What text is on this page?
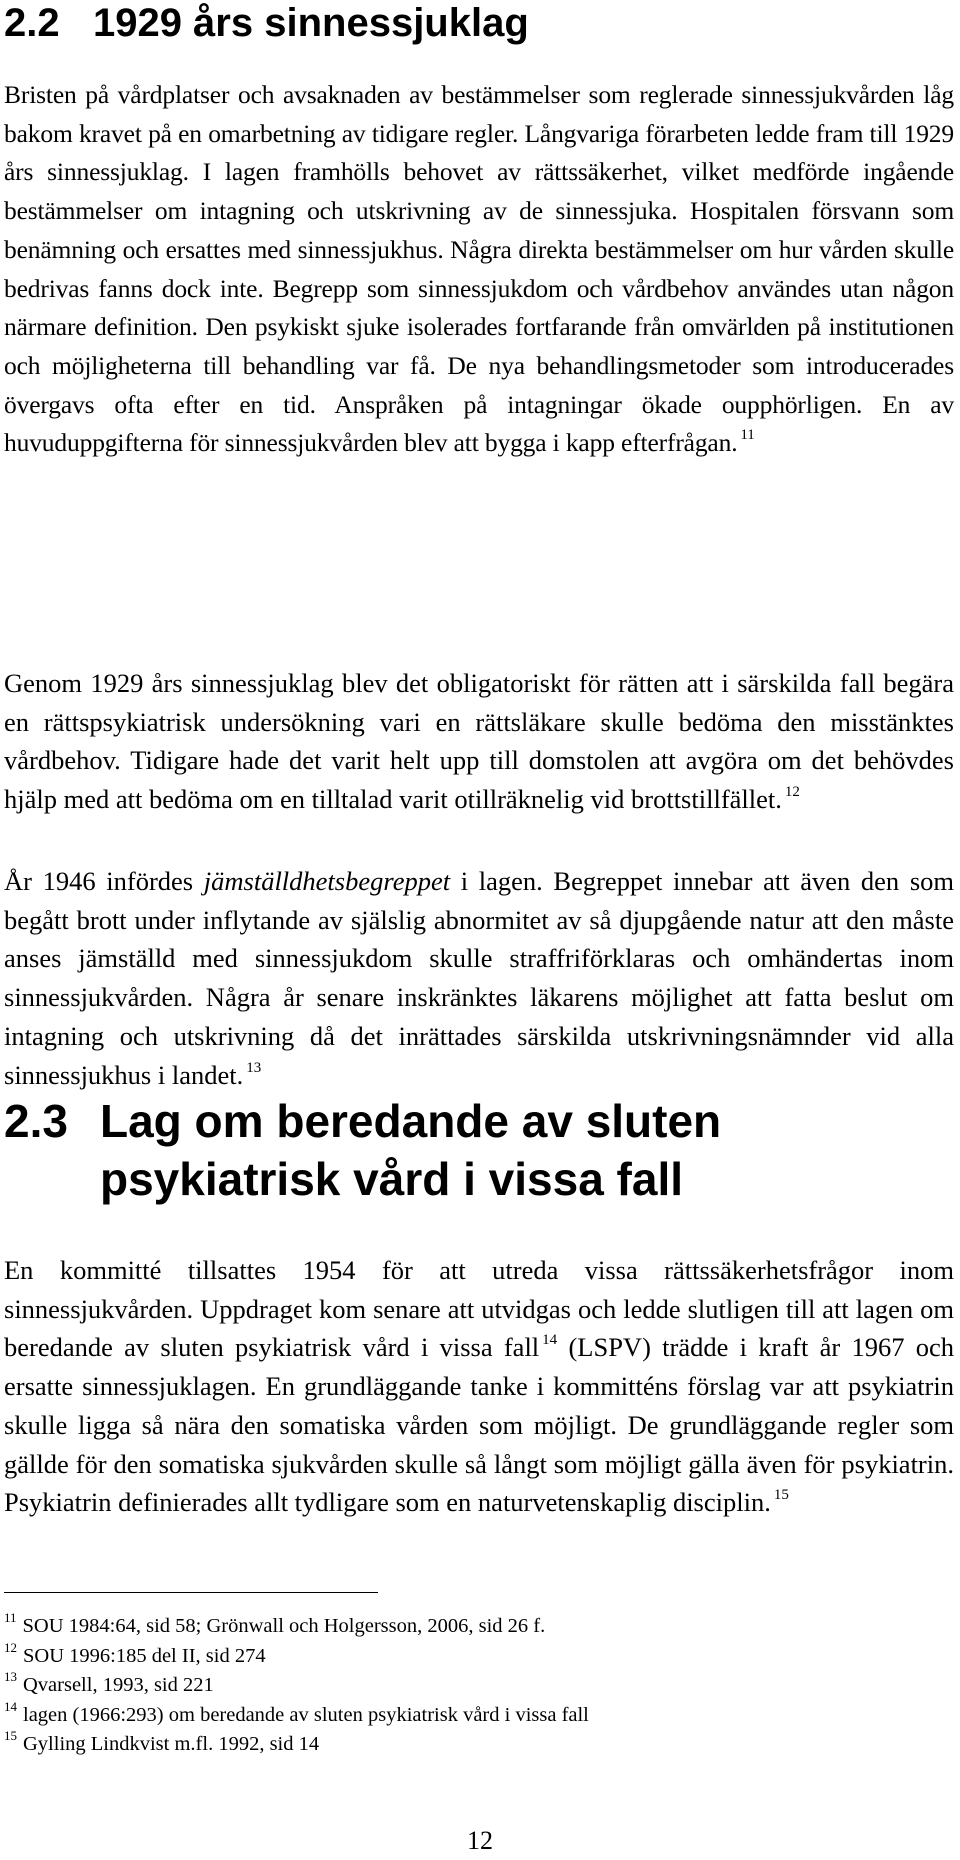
2.2 1929 års sinnessjuklag

Bristen på vårdplatser och avsaknaden av bestämmelser som reglerade sinnessjukvården låg bakom kravet på en omarbetning av tidigare regler. Långvariga förarbeten ledde fram till 1929 års sinnessjuklag. I lagen framhölls behovet av rättssäkerhet, vilket medförde ingående bestämmelser om intagning och utskrivning av de sinnessjuka. Hospitalen försvann som benämning och ersattes med sinnessjukhus. Några direkta bestämmelser om hur vården skulle bedrivas fanns dock inte. Begrepp som sinnessjukdom och vårdbehov användes utan någon närmare definition. Den psykiskt sjuke isolerades fortfarande från omvärlden på institutionen och möjligheterna till behandling var få. De nya behandlingsmetoder som introducerades övergavs ofta efter en tid. Anspråken på intagningar ökade oupphörligen. En av huvuduppgifterna för sinnessjukvården blev att bygga i kapp efterfrågan. $^{11}$

Genom 1929 års sinnessjuklag blev det obligatoriskt för rätten att i särskilda fall begära en rättspsykiatrisk undersökning vari en rättsläkare skulle bedöma den misstänktes vårdbehov. Tidigare hade det varit helt upp till domstolen att avgöra om det behövdes hjälp med att bedöma om en tilltalad varit otillräknelig vid brottstillfället. $^{12}$

År 1946 infördes jämställdhetsbegreppet i lagen. Begreppet innebar att även den som begått brott under inflytande av själslig abnormitet av så djupgående natur att den måste anses jämställd med sinnessjukdom skulle straffriförklaras och omhändertas inom sinnessjukvården. Några år senare inskränktes läkarens möjlighet att fatta beslut om intagning och utskrivning då det inrättades särskilda utskrivningsnämnder vid alla sinnessjukhus i landet. $^{13}$

2.3 Lag om beredande av sluten
psykiatrisk vård i vissa fall

En kommitté tillsattes 1954 för att utreda vissa rättssäkerhetsfrågor inom sinnessjukvården. Uppdraget kom senare att utvidgas och ledde slutligen till att lagen om beredande av sluten psykiatrisk vård i vissa fall $^{14}$ (LSPV) trädde i kraft år 1967 och ersatte sinnessjuklagen. En grundläggande tanke i kommitténs förslag var att psykiatrin skulle ligga så nära den somatiska vården som möjligt. De grundläggande regler som gällde för den somatiska sjukvården skulle så långt som möjligt gälla även för psykiatrin. Psykiatrin definierades allt tydligare som en naturvetenskaplig disciplin. $^{15}$

$^{11}$ SOU 1984:64, sid 58; Grönwall och Holgersson, 2006, sid 26 f.
$^{12}$ SOU 1996:185 del II, sid 274
$^{13}$ Qvarsell, 1993, sid 221
$^{14}$ lagen (1966:293) om beredande av sluten psykiatrisk vård i vissa fall
$^{15}$ Gylling Lindkvist m.fl. 1992, sid 14
12
